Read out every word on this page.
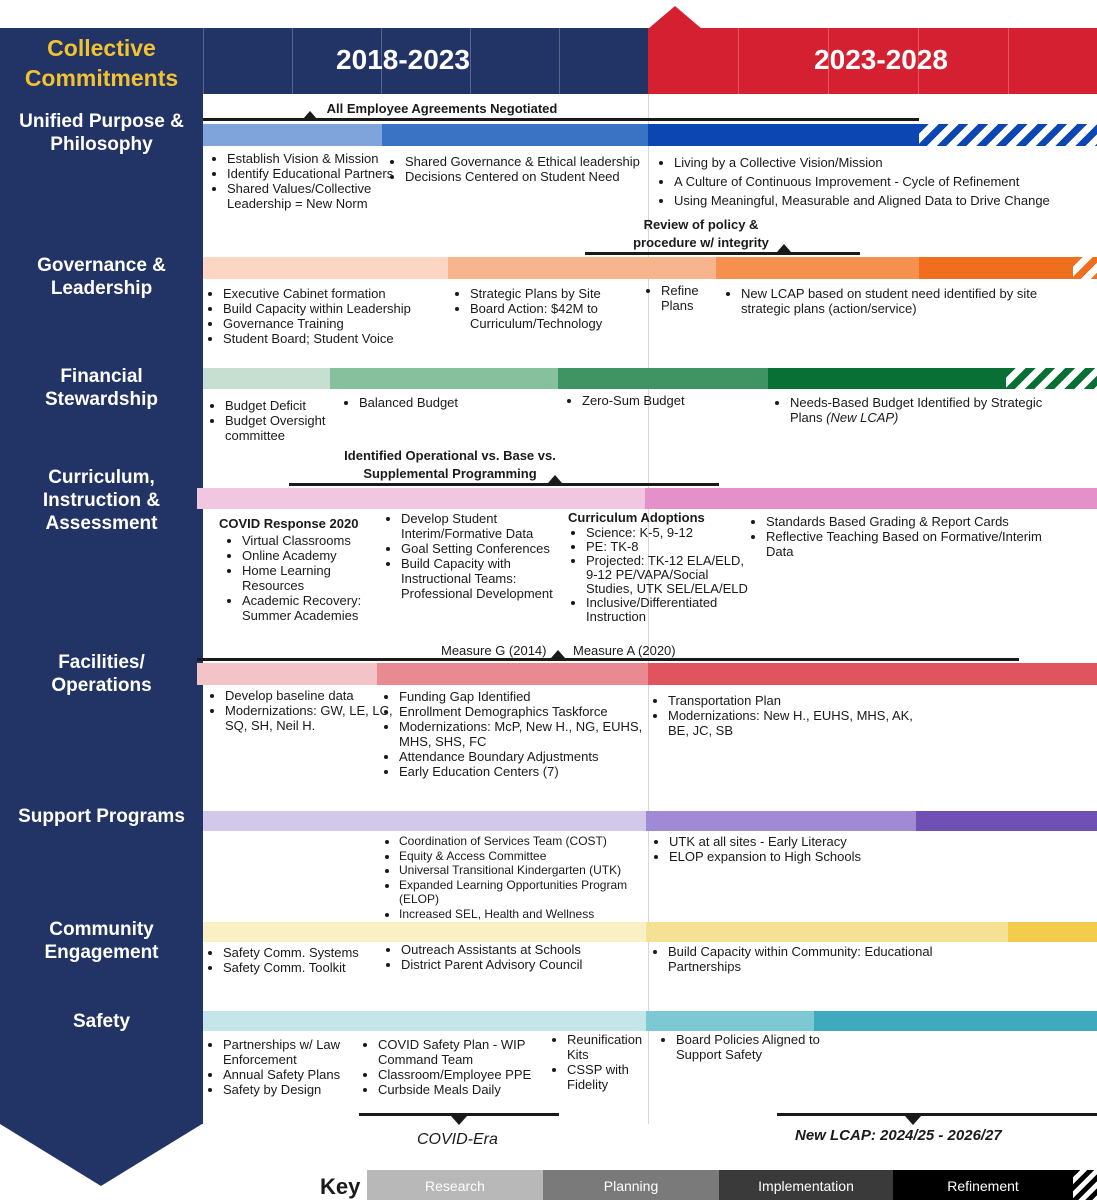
Collective Commitments
Unified Purpose & Philosophy
Governance & Leadership
Financial Stewardship
Curriculum, Instruction & Assessment
Facilities/ Operations
Support Programs
Community Engagement
Safety
2018-2023	2023-2028
All Employee Agreements Negotiated
• Establish Vision & Mission
• Identify Educational Partners
• Shared Values/Collective Leadership = New Norm
• Shared Governance & Ethical leadership
• Decisions Centered on Student Need
• Living by a Collective Vision/Mission
• A Culture of Continuous Improvement - Cycle of Refinement
• Using Meaningful, Measurable and Aligned Data to Drive Change
Review of policy & procedure w/ integrity
• Executive Cabinet formation
• Build Capacity within Leadership
• Governance Training
• Student Board; Student Voice
• Strategic Plans by Site
• Board Action: $42M to Curriculum/Technology
• Refine Plans
• New LCAP based on student need identified by site strategic plans (action/service)
• Budget Deficit
• Budget Oversight committee
• Balanced Budget	• Zero-Sum Budget	• Needs-Based Budget Identified by Strategic Plans (New LCAP)
Identified Operational vs. Base vs. Supplemental Programming
COVID Response 2020
• Virtual Classrooms
• Online Academy
• Home Learning Resources
• Academic Recovery: Summer Academies
• Develop Student Interim/Formative Data
• Goal Setting Conferences
• Build Capacity with Instructional Teams: Professional Development
Curriculum Adoptions
• Science: K-5, 9-12
• PE: TK-8
• Projected: TK-12 ELA/ELD, 9-12 PE/VAPA/Social Studies, UTK SEL/ELA/ELD
• Inclusive/Differentiated Instruction
• Standards Based Grading & Report Cards
• Reflective Teaching Based on Formative/Interim Data
Measure G (2014) Measure A (2020)
• Develop baseline data
• Modernizations: GW, LE, LC, SQ, SH, Neil H.
• Funding Gap Identified
• Enrollment Demographics Taskforce
• Modernizations: McP, New H., NG, EUHS, MHS, SHS, FC
• Attendance Boundary Adjustments
• Early Education Centers (7)
• Transportation Plan
• Modernizations: New H., EUHS, MHS, AK, BE, JC, SB
• Coordination of Services Team (COST)
• Equity & Access Committee
• Universal Transitional Kindergarten (UTK)
• Expanded Learning Opportunities Program (ELOP)
• Increased SEL, Health and Wellness
• UTK at all sites - Early Literacy
• ELOP expansion to High Schools
• Safety Comm. Systems
• Safety Comm. Toolkit
• Outreach Assistants at Schools
• District Parent Advisory Council
• Build Capacity within Community: Educational Partnerships
• Partnerships w/ Law Enforcement
• Annual Safety Plans
• Safety by Design
• COVID Safety Plan - WIP Command Team
• Classroom/Employee PPE
• Curbside Meals Daily
• Reunification Kits
• CSSP with Fidelity
• Board Policies Aligned to Support Safety
COVID-Era	New LCAP: 2024/25 - 2026/27
Key	Research	Planning	Implementation	Refinement
